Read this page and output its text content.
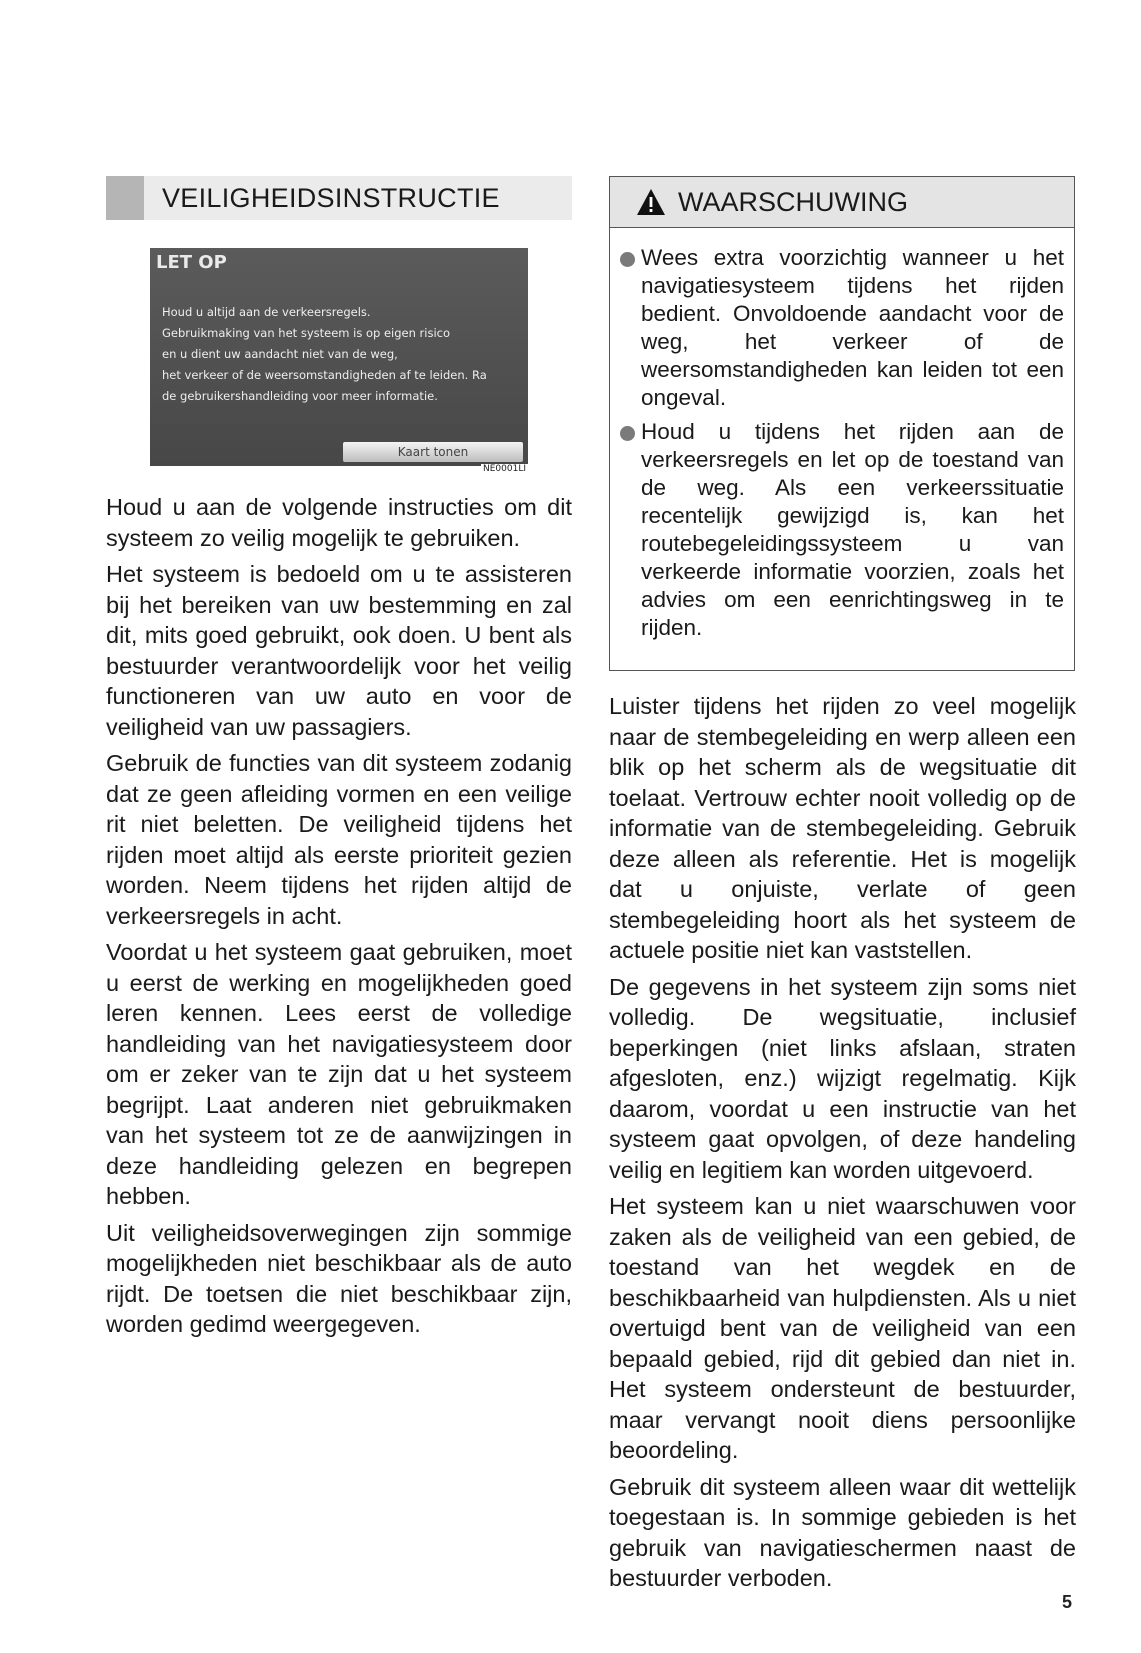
VEILIGHEIDSINSTRUCTIE
LET OP
Houd u altijd aan de verkeersregels.
Gebruikmaking van het systeem is op eigen risico
en u dient uw aandacht niet van de weg,
het verkeer of de weersomstandigheden af te leiden. Ra
de gebruikershandleiding voor meer informatie.
Kaart tonen
NE0001LI

Houd u aan de volgende instructies om dit systeem zo veilig mogelijk te gebruiken.

Het systeem is bedoeld om u te assisteren bij het bereiken van uw bestemming en zal dit, mits goed gebruikt, ook doen. U bent als bestuurder verantwoordelijk voor het veilig functioneren van uw auto en voor de veiligheid van uw passagiers.

Gebruik de functies van dit systeem zodanig dat ze geen afleiding vormen en een veilige rit niet beletten. De veiligheid tijdens het rijden moet altijd als eerste prioriteit gezien worden. Neem tijdens het rijden altijd de verkeersregels in acht.

Voordat u het systeem gaat gebruiken, moet u eerst de werking en mogelijkheden goed leren kennen. Lees eerst de volledige handleiding van het navigatiesysteem door om er zeker van te zijn dat u het systeem begrijpt. Laat anderen niet gebruikmaken van het systeem tot ze de aanwijzingen in deze handleiding gelezen en begrepen hebben.

Uit veiligheidsoverwegingen zijn sommige mogelijkheden niet beschikbaar als de auto rijdt. De toetsen die niet beschikbaar zijn, worden gedimd weergegeven.

WAARSCHUWING
Wees extra voorzichtig wanneer u het navigatiesysteem tijdens het rijden bedient. Onvoldoende aandacht voor de weg, het verkeer of de weersomstandigheden kan leiden tot een ongeval.
Houd u tijdens het rijden aan de verkeersregels en let op de toestand van de weg. Als een verkeerssituatie recentelijk gewijzigd is, kan het routebegeleidingssysteem u van verkeerde informatie voorzien, zoals het advies om een eenrichtingsweg in te rijden.

Luister tijdens het rijden zo veel mogelijk naar de stembegeleiding en werp alleen een blik op het scherm als de wegsituatie dit toelaat. Vertrouw echter nooit volledig op de informatie van de stembegeleiding. Gebruik deze alleen als referentie. Het is mogelijk dat u onjuiste, verlate of geen stembegeleiding hoort als het systeem de actuele positie niet kan vaststellen.

De gegevens in het systeem zijn soms niet volledig. De wegsituatie, inclusief beperkingen (niet links afslaan, straten afgesloten, enz.) wijzigt regelmatig. Kijk daarom, voordat u een instructie van het systeem gaat opvolgen, of deze handeling veilig en legitiem kan worden uitgevoerd.

Het systeem kan u niet waarschuwen voor zaken als de veiligheid van een gebied, de toestand van het wegdek en de beschikbaarheid van hulpdiensten. Als u niet overtuigd bent van de veiligheid van een bepaald gebied, rijd dit gebied dan niet in. Het systeem ondersteunt de bestuurder, maar vervangt nooit diens persoonlijke beoordeling.

Gebruik dit systeem alleen waar dit wettelijk toegestaan is. In sommige gebieden is het gebruik van navigatieschermen naast de bestuurder verboden.

5
